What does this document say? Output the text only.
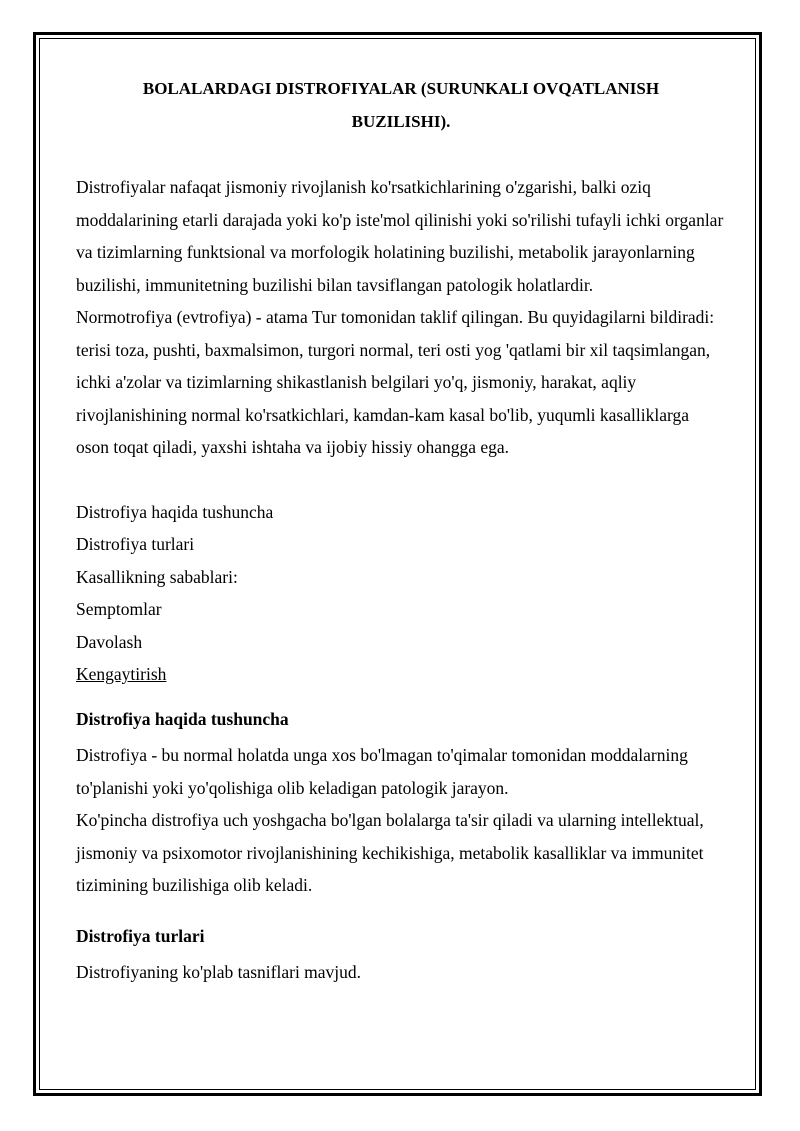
BOLALARDAGI DISTROFIYALAR (SURUNKALI OVQATLANISH BUZILISHI).

Distrofiyalar nafaqat jismoniy rivojlanish ko'rsatkichlarining o'zgarishi, balki oziq moddalarining etarli darajada yoki ko'p iste'mol qilinishi yoki so'rilishi tufayli ichki organlar va tizimlarning funktsional va morfologik holatining buzilishi, metabolik jarayonlarning buzilishi, immunitetning buzilishi bilan tavsiflangan patologik holatlardir.

Normotrofiya (evtrofiya) - atama Tur tomonidan taklif qilingan. Bu quyidagilarni bildiradi: terisi toza, pushti, baxmalsimon, turgori normal, teri osti yog 'qatlami bir xil taqsimlangan, ichki a'zolar va tizimlarning shikastlanish belgilari yo'q, jismoniy, harakat, aqliy rivojlanishining normal ko'rsatkichlari, kamdan-kam kasal bo'lib, yuqumli kasalliklarga oson toqat qiladi, yaxshi ishtaha va ijobiy hissiy ohangga ega.

Distrofiya haqida tushuncha

Distrofiya turlari

Kasallikning sabablari:

Semptomlar

Davolash

Kengaytirish

Distrofiya haqida tushuncha

Distrofiya - bu normal holatda unga xos bo'lmagan to'qimalar tomonidan moddalarning to'planishi yoki yo'qolishiga olib keladigan patologik jarayon.

Ko'pincha distrofiya uch yoshgacha bo'lgan bolalarga ta'sir qiladi va ularning intellektual, jismoniy va psixomotor rivojlanishining kechikishiga, metabolik kasalliklar va immunitet tizimining buzilishiga olib keladi.

Distrofiya turlari

Distrofiyaning ko'plab tasniflari mavjud.
